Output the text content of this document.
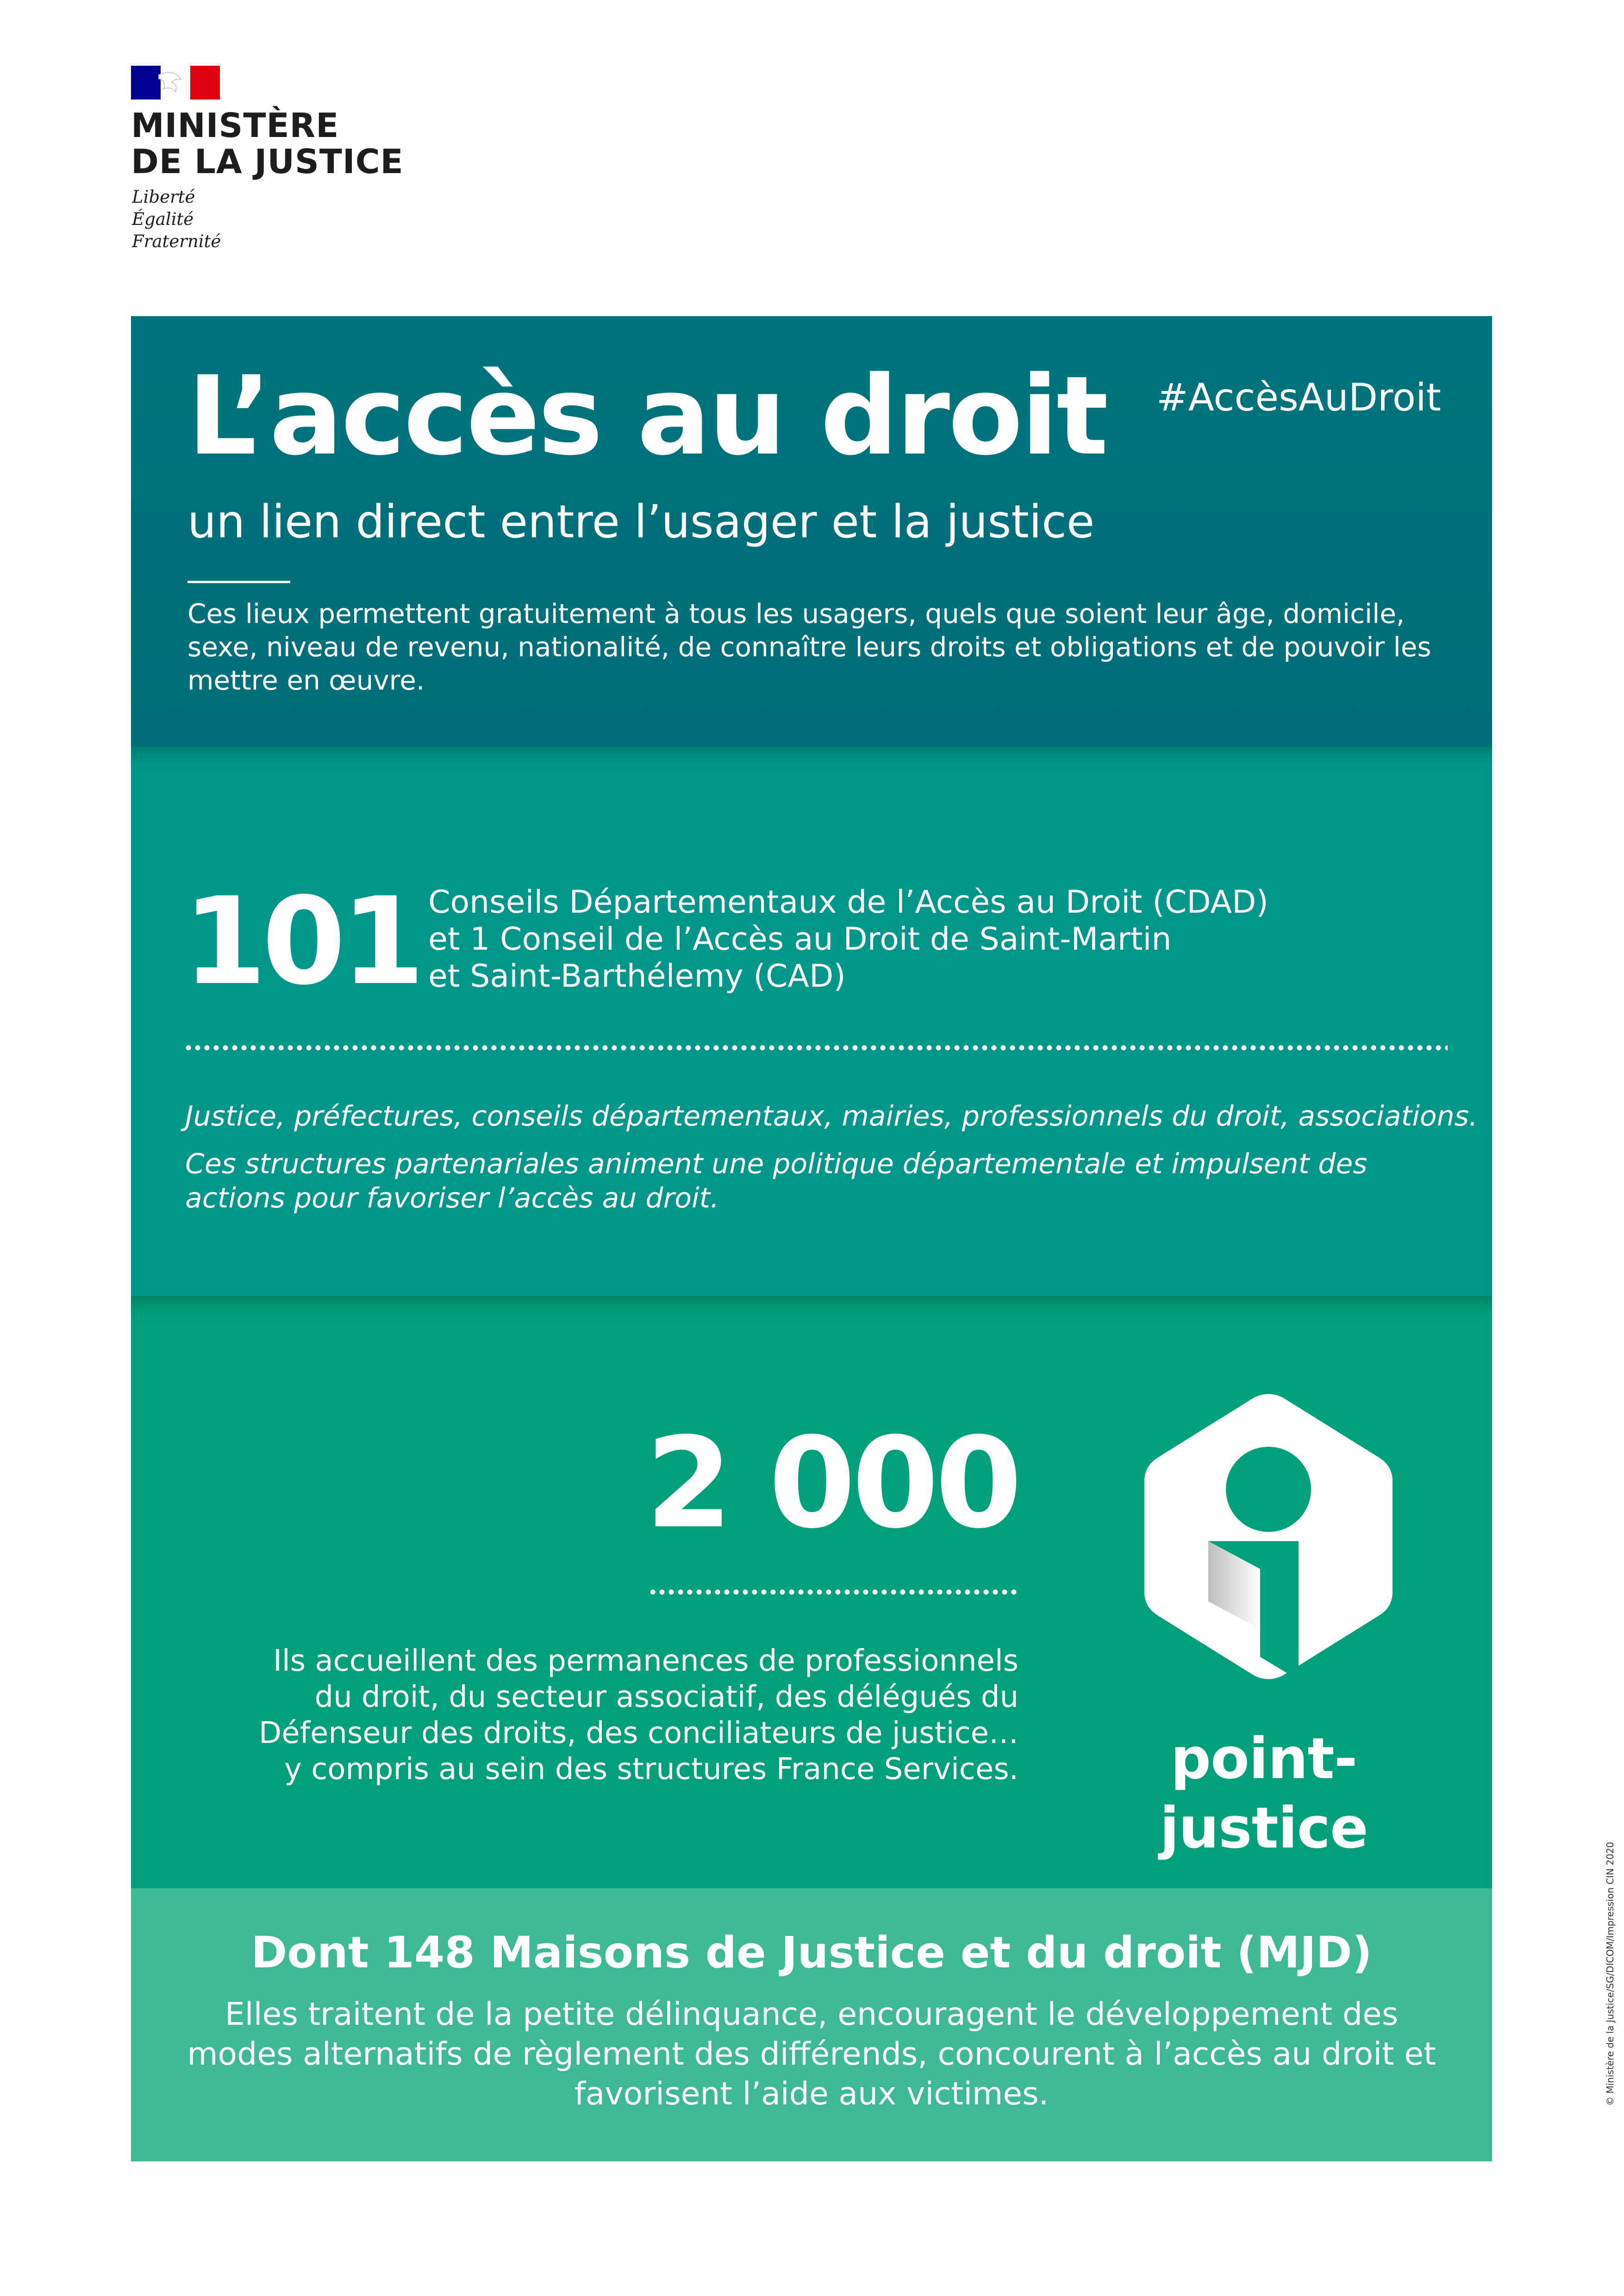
MINISTÈRE
DE LA JUSTICE
Liberté
Égalité
Fraternité
L’accès au droit #AccèsAuDroit
un lien direct entre l’usager et la justice
Ces lieux permettent gratuitement à tous les usagers, quels que soient leur âge, domicile, sexe, niveau de revenu, nationalité, de connaître leurs droits et obligations et de pouvoir les mettre en œuvre.
101 Conseils Départementaux de l’Accès au Droit (CDAD)
et 1 Conseil de l’Accès au Droit de Saint-Martin
et Saint-Barthélemy (CAD)
Justice, préfectures, conseils départementaux, mairies, professionnels du droit, associations.
Ces structures partenariales animent une politique départementale et impulsent des
actions pour favoriser l’accès au droit.
2 000
Ils accueillent des permanences de professionnels
du droit, du secteur associatif, des délégués du
Défenseur des droits, des conciliateurs de justice…
y compris au sein des structures France Services.	point-justice
Dont 148 Maisons de Justice et du droit (MJD)
Elles traitent de la petite délinquance, encouragent le développement des
modes alternatifs de règlement des différends, concourent à l’accès au droit et
favorisent l’aide aux victimes.	© Ministère de la Justice/SG/DICOM/Impression CIN 2020
